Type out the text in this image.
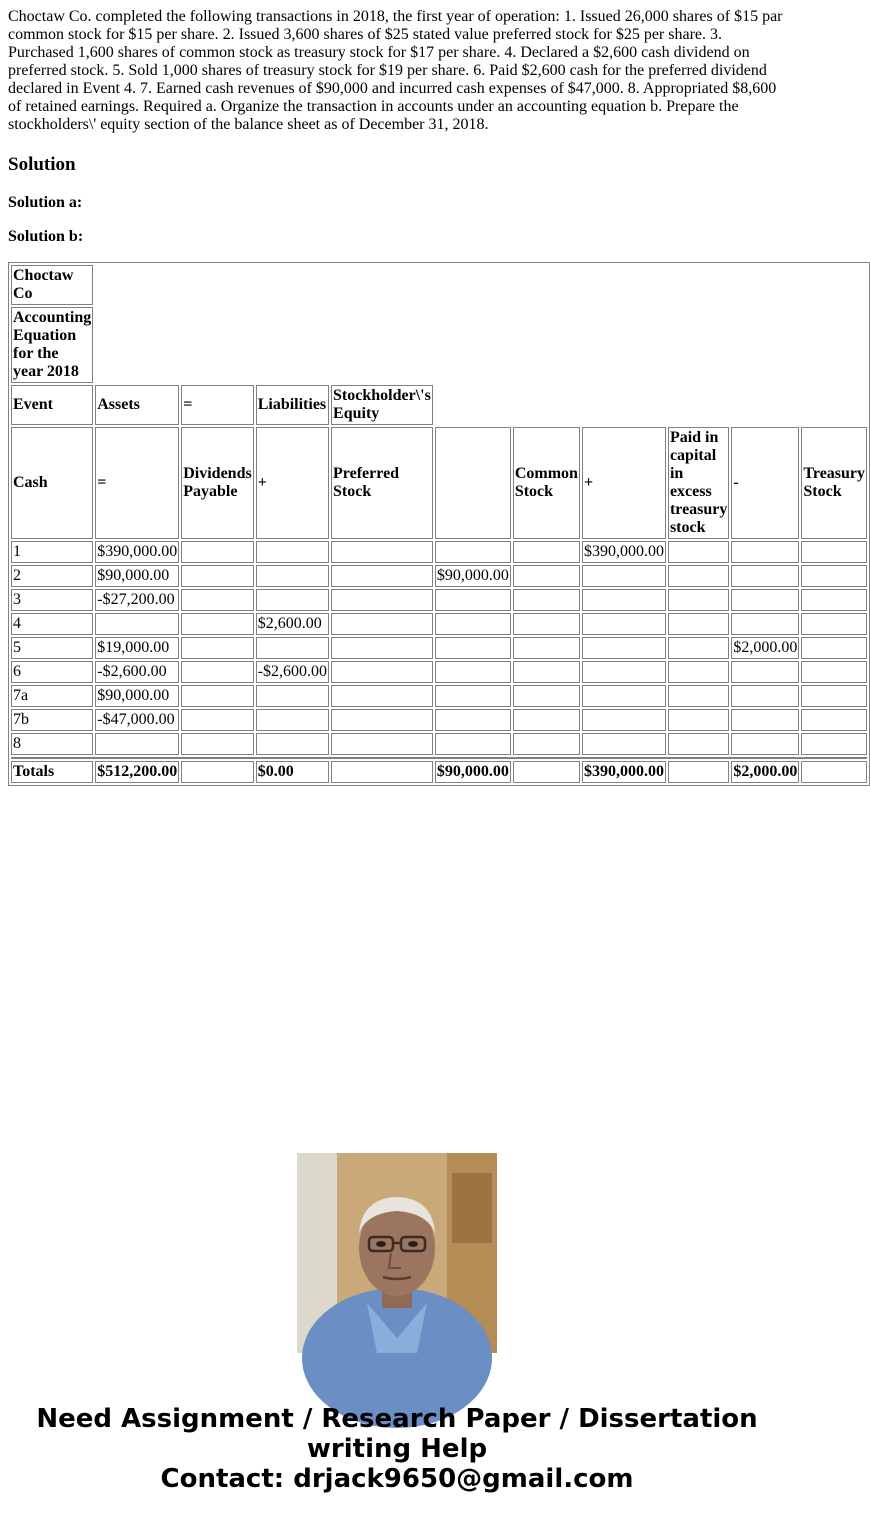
Choctaw Co. completed the following transactions in 2018, the first year of operation: 1. Issued 26,000 shares of $15 par common stock for $15 per share. 2. Issued 3,600 shares of $25 stated value preferred stock for $25 per share. 3. Purchased 1,600 shares of common stock as treasury stock for $17 per share. 4. Declared a $2,600 cash dividend on preferred stock. 5. Sold 1,000 shares of treasury stock for $19 per share. 6. Paid $2,600 cash for the preferred dividend declared in Event 4. 7. Earned cash revenues of $90,000 and incurred cash expenses of $47,000. 8. Appropriated $8,600 of retained earnings. Required a. Organize the transaction in accounts under an accounting equation b. Prepare the stockholders\' equity section of the balance sheet as of December 31, 2018.

Solution
Solution a:
Solution b:
Choctaw Co										
Accounting Equation for the year 2018										
Event	Assets	=	Liabilities	Stockholder\'s Equity						
Cash	=	Dividends Payable	+	Preferred Stock		Common Stock	+	Paid in capital in excess treasury stock	-	Treasury Stock
1	$390,000.00						$390,000.00			
2	$90,000.00				$90,000.00					
3	-$27,200.00									
4			$2,600.00							
5	$19,000.00								$2,000.00	
6	-$2,600.00		-$2,600.00							
7a	$90,000.00									
7b	-$47,000.00									
8										

Totals	$512,200.00		$0.00		$90,000.00		$390,000.00		$2,000.00	
Need Assignment / Research Paper / Dissertation writing Help
Contact: drjack9650@gmail.com
